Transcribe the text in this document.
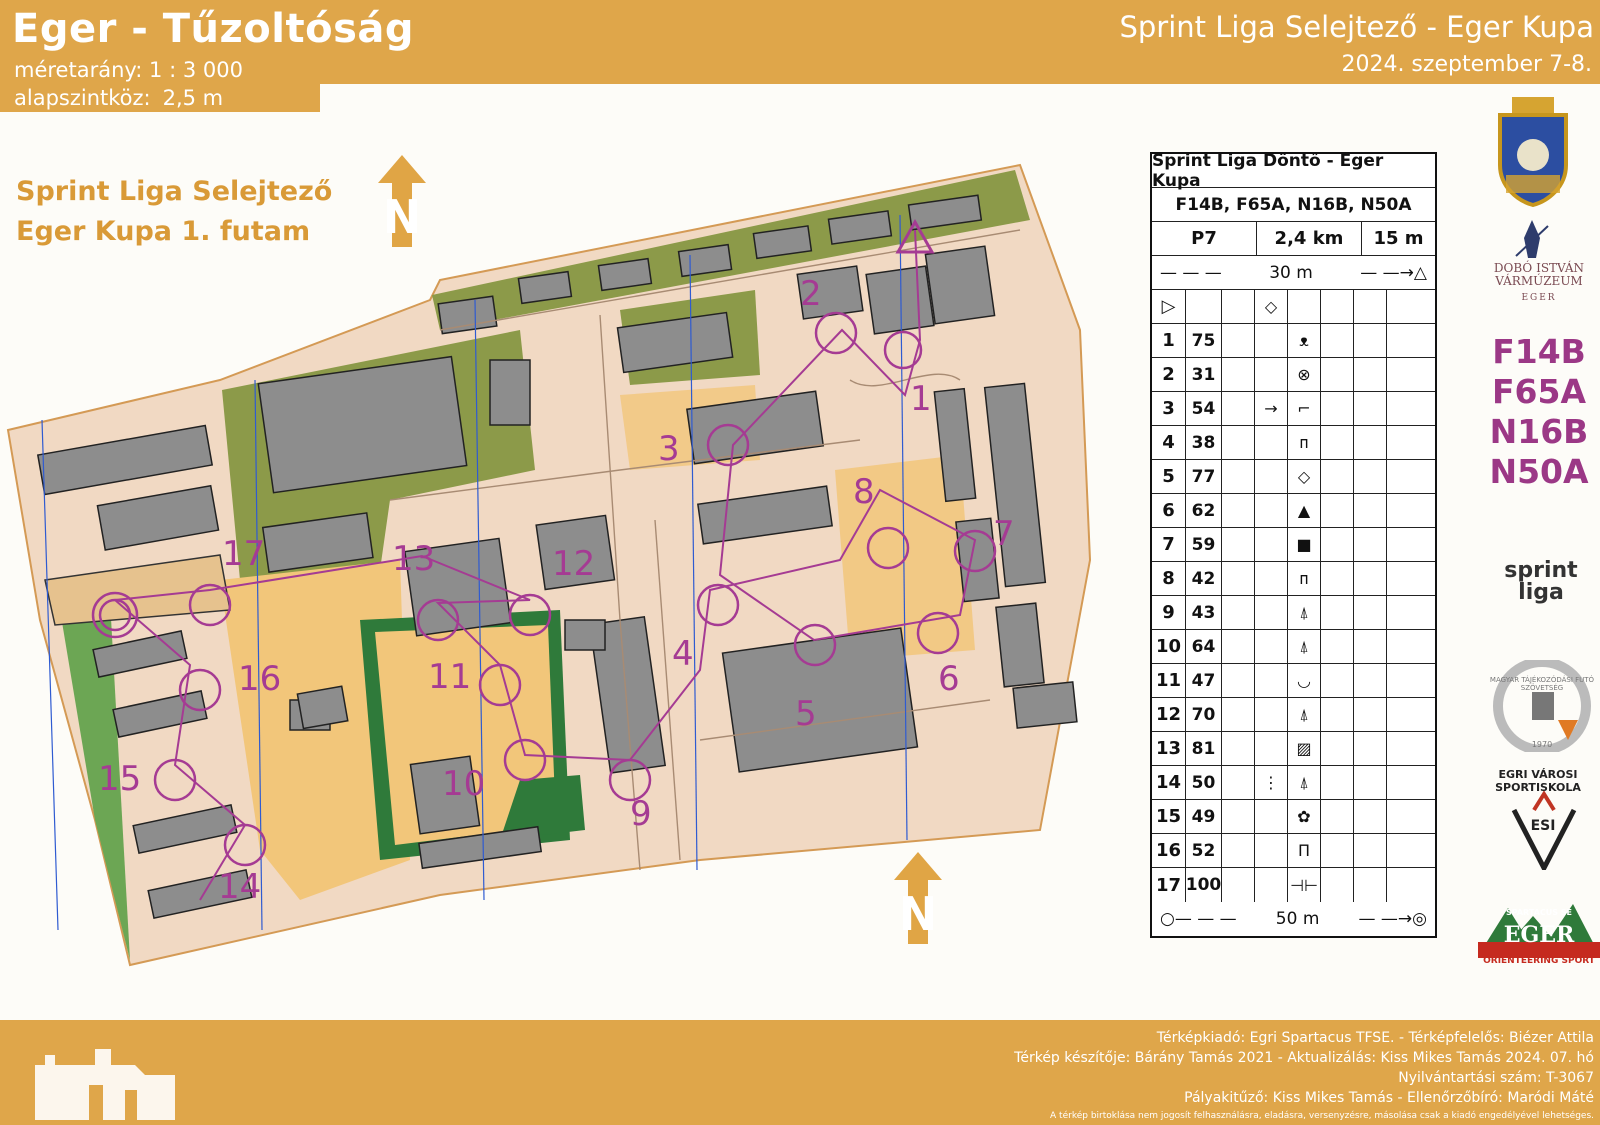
Eger - Tűzoltóság
méretarány: 1 : 3 000
alapszintköz: 2,5 m
Sprint Liga Selejtező - Eger Kupa
2024. szeptember 7-8.
Sprint Liga Selejtező
Eger Kupa 1. futam N
N
1
2
3
4
5
6
7
8
9
10
11
12
13
14
15
16
17
Sprint Liga Döntő - Eger Kupa
F14B, F65A, N16B, N50A
P7	2,4 km	15 m
— — —	30 m	— —→△
▷	◇
1 75	ᴥ
2 31	⊗
3 54	→	⌐
4 38	ᴨ
5 77	◇
6 62	▲
7 59	■
8 42	ᴨ
9 43	⍋
10 64	⍋
11 47	◡
12 70	⍋
13 81	▨
14 50	⋮	⍋
15 49	✿
16 52	Π
17 100	⊣⊢
○— — — 50 m — —→◎
F14B
F65A
N16B
N50A
DOBÓ ISTVÁN VÁRMÚZEUM
EGER
sprint liga
MAGYAR TÁJÉKOZÓDÁSI FUTÓ SZÖVETSÉG
1970
EGRI VÁROSI SPORTISKOLA
ESI
SPARTACUS SE
EGER
ORIENTEERING SPORT
Térképkiadó: Egri Spartacus TFSE. - Térképfelelős: Biézer Attila
Térkép készítője: Bárány Tamás 2021 - Aktualizálás: Kiss Mikes Tamás 2024. 07. hó
Nyilvántartási szám: T-3067
Pályakitűző: Kiss Mikes Tamás - Ellenőrzőbíró: Maródi Máté
A térkép birtoklása nem jogosít felhasználásra, eladásra, versenyzésre, másolása csak a kiadó engedélyével lehetséges.
